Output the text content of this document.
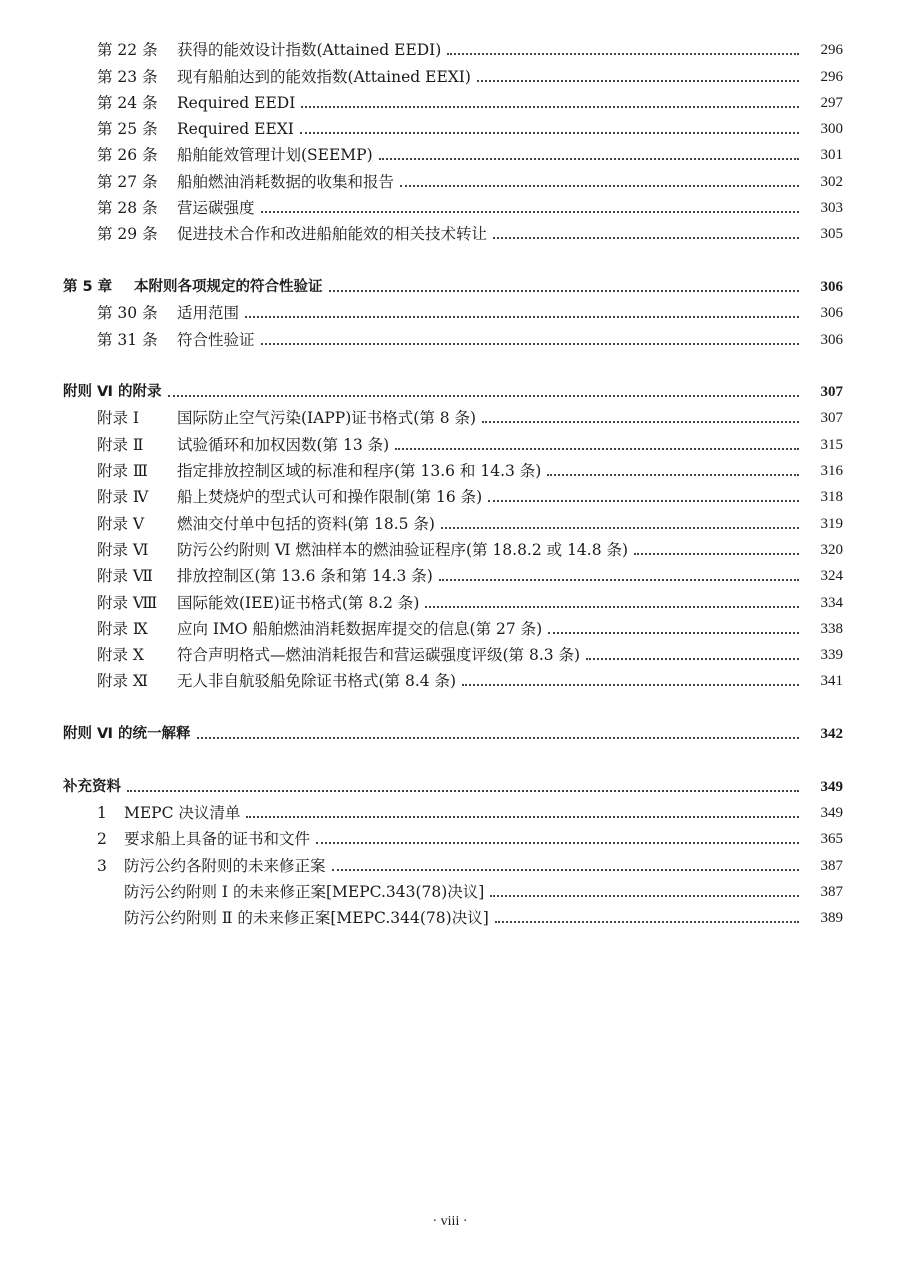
第 22 条	获得的能效设计指数(Attained EEDI)	296
第 23 条	现有船舶达到的能效指数(Attained EEXI)	296
第 24 条	Required EEDI	297
第 25 条	Required EEXI	300
第 26 条	船舶能效管理计划(SEEMP)	301
第 27 条	船舶燃油消耗数据的收集和报告	302
第 28 条	营运碳强度	303
第 29 条	促进技术合作和改进船舶能效的相关技术转让	305
第 5 章	本附则各项规定的符合性验证	306
第 30 条	适用范围	306
第 31 条	符合性验证	306
附则 Ⅵ 的附录	307
附录 Ⅰ	国际防止空气污染(IAPP)证书格式(第 8 条)	307
附录 Ⅱ	试验循环和加权因数(第 13 条)	315
附录 Ⅲ	指定排放控制区域的标准和程序(第 13.6 和 14.3 条)	316
附录 Ⅳ	船上焚烧炉的型式认可和操作限制(第 16 条)	318
附录 Ⅴ	燃油交付单中包括的资料(第 18.5 条)	319
附录 Ⅵ	防污公约附则 Ⅵ 燃油样本的燃油验证程序(第 18.8.2 或 14.8 条)	320
附录 Ⅶ	排放控制区(第 13.6 条和第 14.3 条)	324
附录 Ⅷ	国际能效(IEE)证书格式(第 8.2 条)	334
附录 Ⅸ	应向 IMO 船舶燃油消耗数据库提交的信息(第 27 条)	338
附录 Ⅹ	符合声明格式—燃油消耗报告和营运碳强度评级(第 8.3 条)	339
附录 Ⅺ	无人非自航驳船免除证书格式(第 8.4 条)	341
附则 Ⅵ 的统一解释	342
补充资料	349
1	MEPC 决议清单	349
2	要求船上具备的证书和文件	365
3	防污公约各附则的未来修正案	387
防污公约附则 Ⅰ 的未来修正案[MEPC.343(78)决议]	387
防污公约附则 Ⅱ 的未来修正案[MEPC.344(78)决议]	389
· viii ·
